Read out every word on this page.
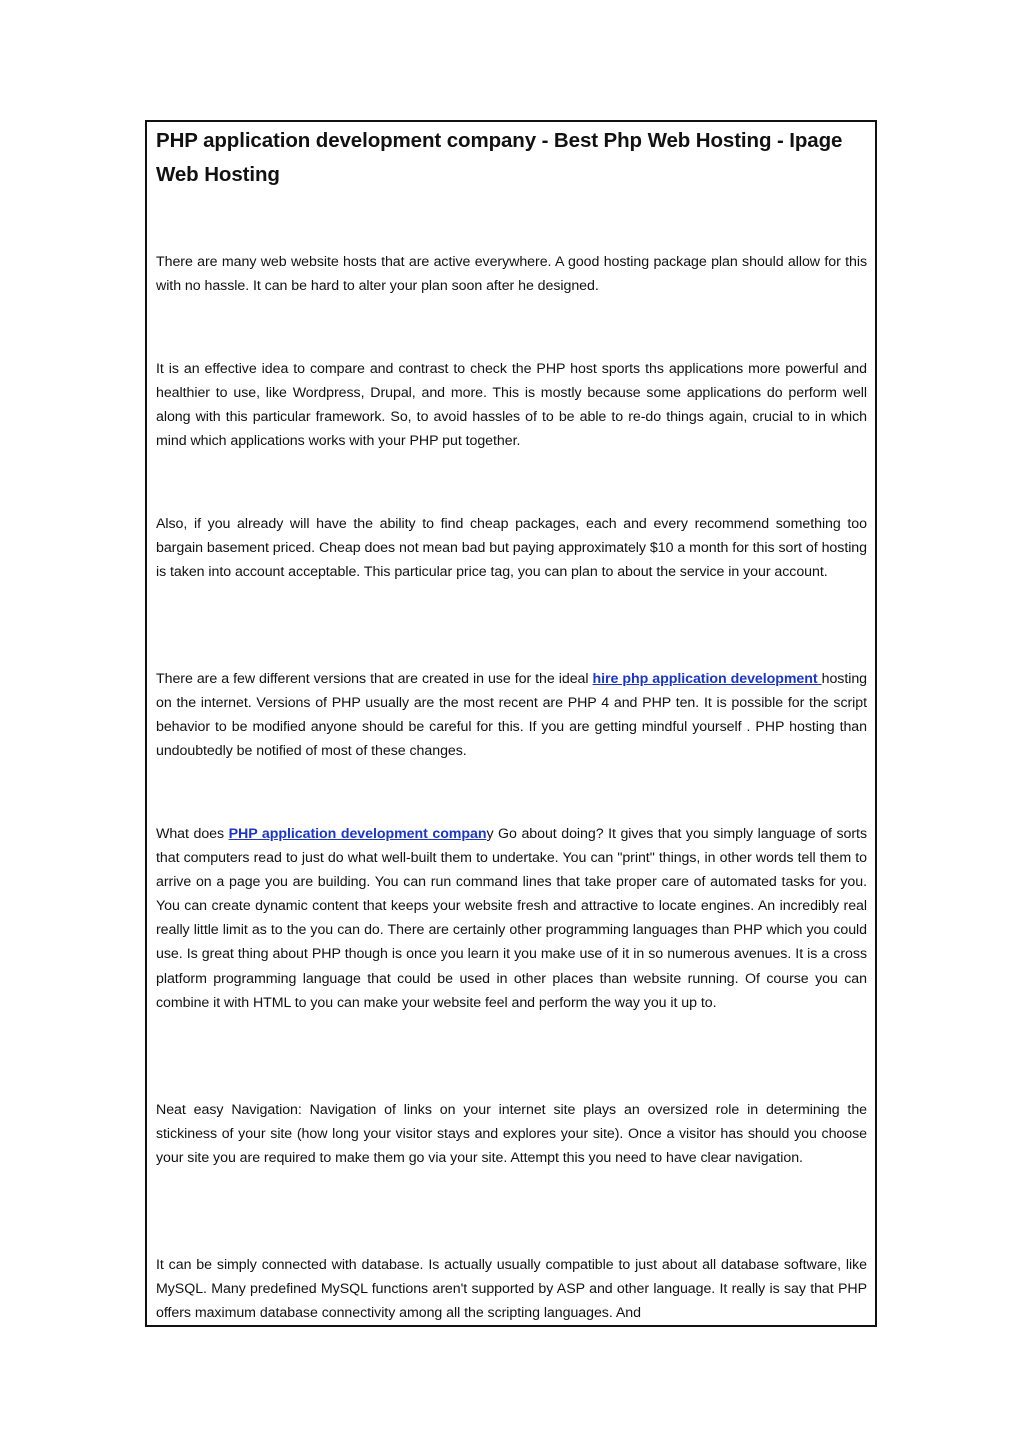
PHP application development company - Best Php Web Hosting - Ipage Web Hosting

There are many web website hosts that are active everywhere. A good hosting package plan should allow for this with no hassle. It can be hard to alter your plan soon after he designed.

It is an effective idea to compare and contrast to check the PHP host sports ths applications more powerful and healthier to use, like Wordpress, Drupal, and more. This is mostly because some applications do perform well along with this particular framework. So, to avoid hassles of to be able to re-do things again, crucial to in which mind which applications works with your PHP put together.

Also, if you already will have the ability to find cheap packages, each and every recommend something too bargain basement priced. Cheap does not mean bad but paying approximately $10 a month for this sort of hosting is taken into account acceptable. This particular price tag, you can plan to about the service in your account.

There are a few different versions that are created in use for the ideal hire php application development hosting on the internet. Versions of PHP usually are the most recent are PHP 4 and PHP ten. It is possible for the script behavior to be modified anyone should be careful for this. If you are getting mindful yourself . PHP hosting than undoubtedly be notified of most of these changes.

What does PHP application development company Go about doing? It gives that you simply language of sorts that computers read to just do what well-built them to undertake. You can "print" things, in other words tell them to arrive on a page you are building. You can run command lines that take proper care of automated tasks for you. You can create dynamic content that keeps your website fresh and attractive to locate engines. An incredibly real really little limit as to the you can do. There are certainly other programming languages than PHP which you could use. Is great thing about PHP though is once you learn it you make use of it in so numerous avenues. It is a cross platform programming language that could be used in other places than website running. Of course you can combine it with HTML to you can make your website feel and perform the way you it up to.

Neat easy Navigation: Navigation of links on your internet site plays an oversized role in determining the stickiness of your site (how long your visitor stays and explores your site). Once a visitor has should you choose your site you are required to make them go via your site. Attempt this you need to have clear navigation.

It can be simply connected with database. Is actually usually compatible to just about all database software, like MySQL. Many predefined MySQL functions aren't supported by ASP and other language. It really is say that PHP offers maximum database connectivity among all the scripting languages. And
